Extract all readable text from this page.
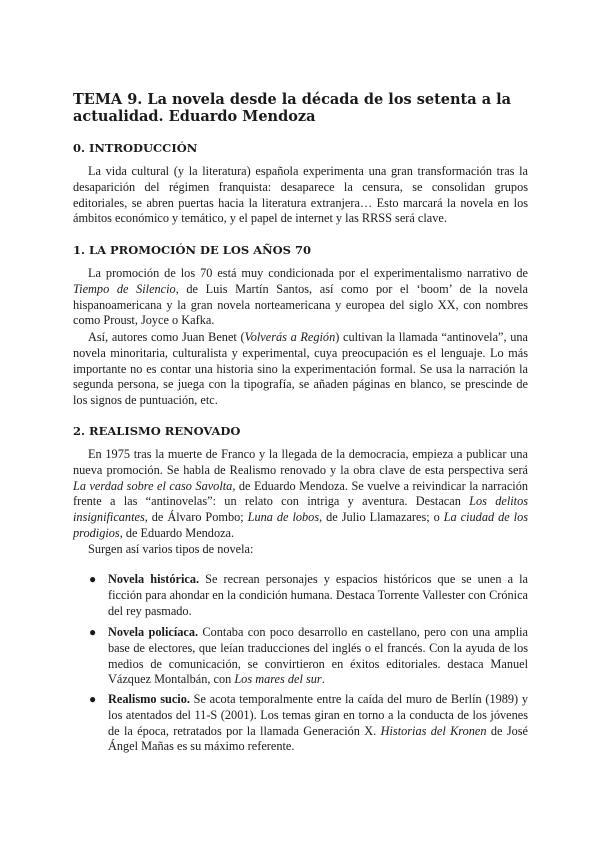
TEMA 9. La novela desde la década de los setenta a la actualidad. Eduardo Mendoza
0. INTRODUCCIÓN

La vida cultural (y la literatura) española experimenta una gran transformación tras la desaparición del régimen franquista: desaparece la censura, se consolidan grupos editoriales, se abren puertas hacia la literatura extranjera… Esto marcará la novela en los ámbitos económico y temático, y el papel de internet y las RRSS será clave.

1. LA PROMOCIÓN DE LOS AÑOS 70

La promoción de los 70 está muy condicionada por el experimentalismo narrativo de Tiempo de Silencio, de Luis Martín Santos, así como por el ‘boom’ de la novela hispanoamericana y la gran novela norteamericana y europea del siglo XX, con nombres como Proust, Joyce o Kafka.

Así, autores como Juan Benet (Volverás a Región) cultivan la llamada “antinovela”, una novela minoritaria, culturalista y experimental, cuya preocupación es el lenguaje. Lo más importante no es contar una historia sino la experimentación formal. Se usa la narración la segunda persona, se juega con la tipografía, se añaden páginas en blanco, se prescinde de los signos de puntuación, etc.

2. REALISMO RENOVADO

En 1975 tras la muerte de Franco y la llegada de la democracia, empieza a publicar una nueva promoción. Se habla de Realismo renovado y la obra clave de esta perspectiva será La verdad sobre el caso Savolta, de Eduardo Mendoza. Se vuelve a reivindicar la narración frente a las “antinovelas”: un relato con intriga y aventura. Destacan Los delitos insignificantes, de Álvaro Pombo; Luna de lobos, de Julio Llamazares; o La ciudad de los prodigios, de Eduardo Mendoza.

Surgen así varios tipos de novela:

● Novela histórica. Se recrean personajes y espacios históricos que se unen a la ficción para ahondar en la condición humana. Destaca Torrente Vallester con Crónica del rey pasmado.
● Novela policíaca. Contaba con poco desarrollo en castellano, pero con una amplia base de electores, que leían traducciones del inglés o el francés. Con la ayuda de los medios de comunicación, se convirtieron en éxitos editoriales. destaca Manuel Vázquez Montalbán, con Los mares del sur.
● Realismo sucio. Se acota temporalmente entre la caída del muro de Berlín (1989) y los atentados del 11-S (2001). Los temas giran en torno a la conducta de los jóvenes de la época, retratados por la llamada Generación X. Historias del Kronen de José Ángel Mañas es su máximo referente.
